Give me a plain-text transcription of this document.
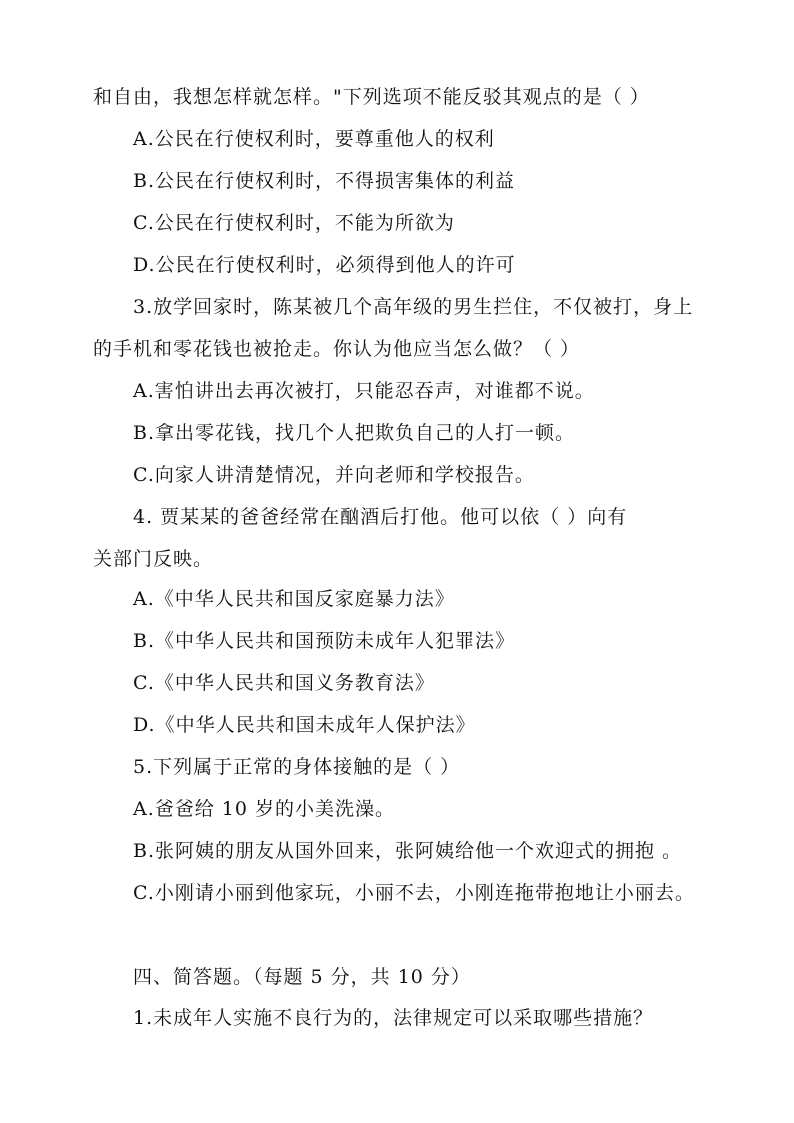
和自由，我想怎样就怎样。"下列选项不能反驳其观点的是（ ）
A.公民在行使权利时，要尊重他人的权利
B.公民在行使权利时，不得损害集体的利益
C.公民在行使权利时，不能为所欲为
D.公民在行使权利时，必须得到他人的许可
3.放学回家时，陈某被几个高年级的男生拦住，不仅被打，身上
的手机和零花钱也被抢走。你认为他应当怎么做？（ ）
A.害怕讲出去再次被打，只能忍吞声，对谁都不说。
B.拿出零花钱，找几个人把欺负自己的人打一顿。
C.向家人讲清楚情况，并向老师和学校报告。
4. 贾某某的爸爸经常在酗酒后打他。他可以依（ ）向有
关部门反映。
A.《中华人民共和国反家庭暴力法》
B.《中华人民共和国预防未成年人犯罪法》
C.《中华人民共和国义务教育法》
D.《中华人民共和国未成年人保护法》
5.下列属于正常的身体接触的是（ ）
A.爸爸给 10 岁的小美洗澡。
B.张阿姨的朋友从国外回来，张阿姨给他一个欢迎式的拥抱 。
C.小刚请小丽到他家玩，小丽不去，小刚连拖带抱地让小丽去。
四、简答题。（每题 5 分，共 10 分）
1.未成年人实施不良行为的，法律规定可以采取哪些措施？
